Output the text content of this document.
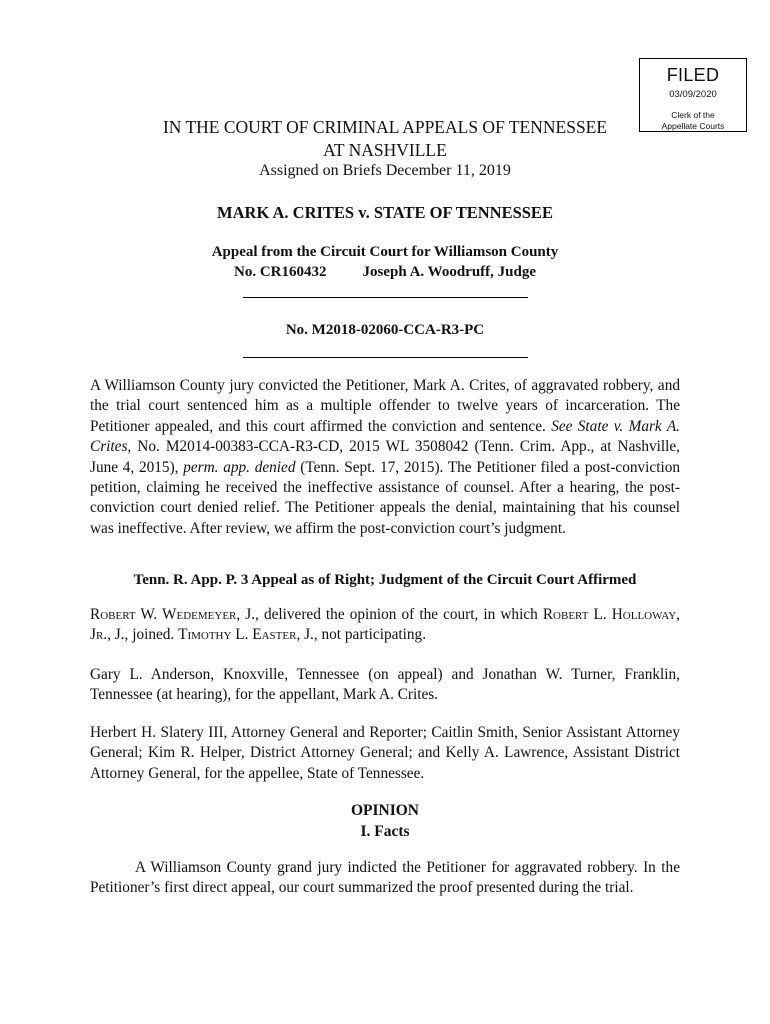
FILED
03/09/2020
Clerk of the
Appellate Courts
IN THE COURT OF CRIMINAL APPEALS OF TENNESSEE
AT NASHVILLE
Assigned on Briefs December 11, 2019
MARK A. CRITES v. STATE OF TENNESSEE
Appeal from the Circuit Court for Williamson County
No. CR160432 Joseph A. Woodruff, Judge
No. M2018-02060-CCA-R3-PC
A Williamson County jury convicted the Petitioner, Mark A. Crites, of aggravated robbery, and the trial court sentenced him as a multiple offender to twelve years of incarceration. The Petitioner appealed, and this court affirmed the conviction and sentence. See State v. Mark A. Crites, No. M2014-00383-CCA-R3-CD, 2015 WL 3508042 (Tenn. Crim. App., at Nashville, June 4, 2015), perm. app. denied (Tenn. Sept. 17, 2015). The Petitioner filed a post-conviction petition, claiming he received the ineffective assistance of counsel. After a hearing, the post-conviction court denied relief. The Petitioner appeals the denial, maintaining that his counsel was ineffective. After review, we affirm the post-conviction court’s judgment.
Tenn. R. App. P. 3 Appeal as of Right; Judgment of the Circuit Court Affirmed
Robert W. Wedemeyer, J., delivered the opinion of the court, in which Robert L. Holloway, Jr., J., joined. Timothy L. Easter, J., not participating.
Gary L. Anderson, Knoxville, Tennessee (on appeal) and Jonathan W. Turner, Franklin, Tennessee (at hearing), for the appellant, Mark A. Crites.
Herbert H. Slatery III, Attorney General and Reporter; Caitlin Smith, Senior Assistant Attorney General; Kim R. Helper, District Attorney General; and Kelly A. Lawrence, Assistant District Attorney General, for the appellee, State of Tennessee.
OPINION
I. Facts
A Williamson County grand jury indicted the Petitioner for aggravated robbery. In the Petitioner’s first direct appeal, our court summarized the proof presented during the trial.
